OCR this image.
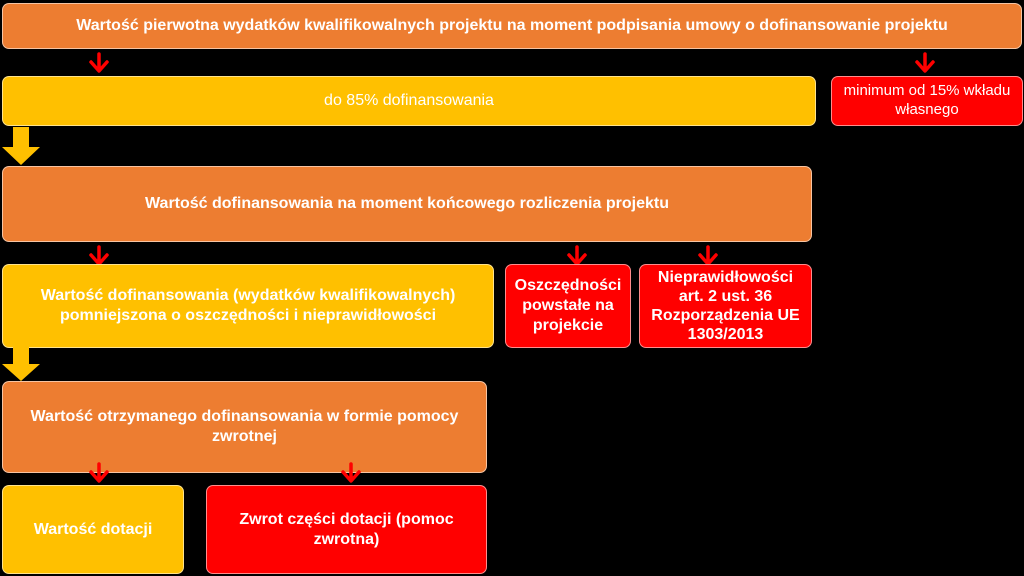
Wartość pierwotna wydatków kwalifikowalnych projektu na moment podpisania umowy o dofinansowanie projektu
do 85% dofinansowania
minimum od 15% wkładu własnego
Wartość dofinansowania na moment końcowego rozliczenia projektu
Wartość dofinansowania (wydatków kwalifikowalnych) pomniejszona o oszczędności i nieprawidłowości
Oszczędności powstałe na projekcie
Nieprawidłowości art. 2 ust. 36 Rozporządzenia UE 1303/2013
Wartość otrzymanego dofinansowania w formie pomocy zwrotnej
Wartość dotacji
Zwrot części dotacji (pomoc zwrotna)
